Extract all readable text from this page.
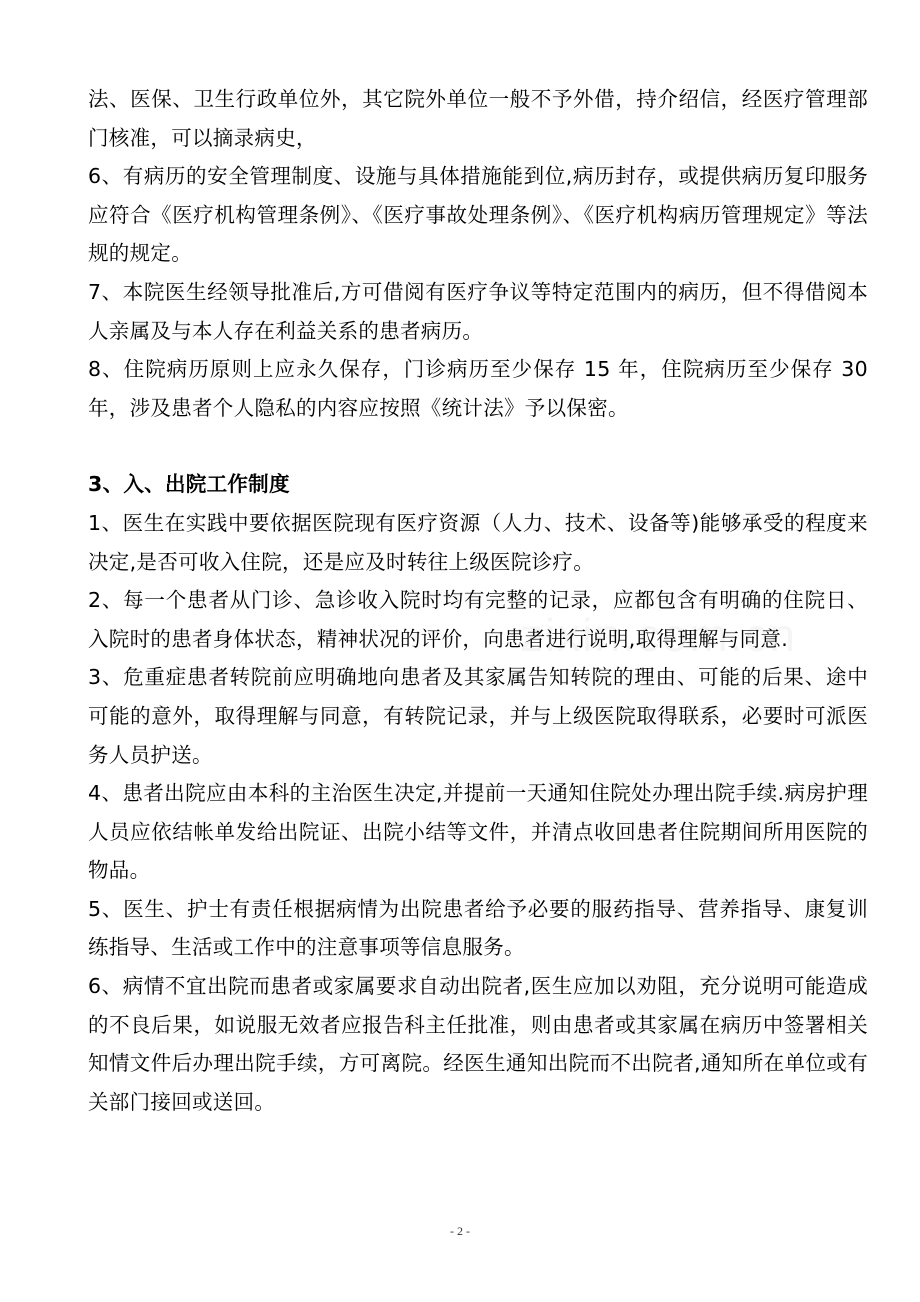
法、医保、卫生行政单位外，其它院外单位一般不予外借，持介绍信，经医疗管理部门核准，可以摘录病史，

6、有病历的安全管理制度、设施与具体措施能到位,病历封存，或提供病历复印服务应符合《医疗机构管理条例》、《医疗事故处理条例》、《医疗机构病历管理规定》等法规的规定。

7、本院医生经领导批准后,方可借阅有医疗争议等特定范围内的病历，但不得借阅本人亲属及与本人存在利益关系的患者病历。

8、住院病历原则上应永久保存，门诊病历至少保存 15 年，住院病历至少保存 30 年，涉及患者个人隐私的内容应按照《统计法》予以保密。

3、入、出院工作制度

1、医生在实践中要依据医院现有医疗资源（人力、技术、设备等)能够承受的程度来决定,是否可收入住院，还是应及时转往上级医院诊疗。

2、每一个患者从门诊、急诊收入院时均有完整的记录，应都包含有明确的住院日、入院时的患者身体状态，精神状况的评价，向患者进行说明,取得理解与同意.

3、危重症患者转院前应明确地向患者及其家属告知转院的理由、可能的后果、途中可能的意外，取得理解与同意，有转院记录，并与上级医院取得联系，必要时可派医务人员护送。

4、患者出院应由本科的主治医生决定,并提前一天通知住院处办理出院手续.病房护理人员应依结帐单发给出院证、出院小结等文件，并清点收回患者住院期间所用医院的物品。

5、医生、护士有责任根据病情为出院患者给予必要的服药指导、营养指导、康复训练指导、生活或工作中的注意事项等信息服务。

6、病情不宜出院而患者或家属要求自动出院者,医生应加以劝阻，充分说明可能造成的不良后果，如说服无效者应报告科主任批准，则由患者或其家属在病历中签署相关知情文件后办理出院手续，方可离院。经医生通知出院而不出院者,通知所在单位或有关部门接回或送回。

- 2 -
